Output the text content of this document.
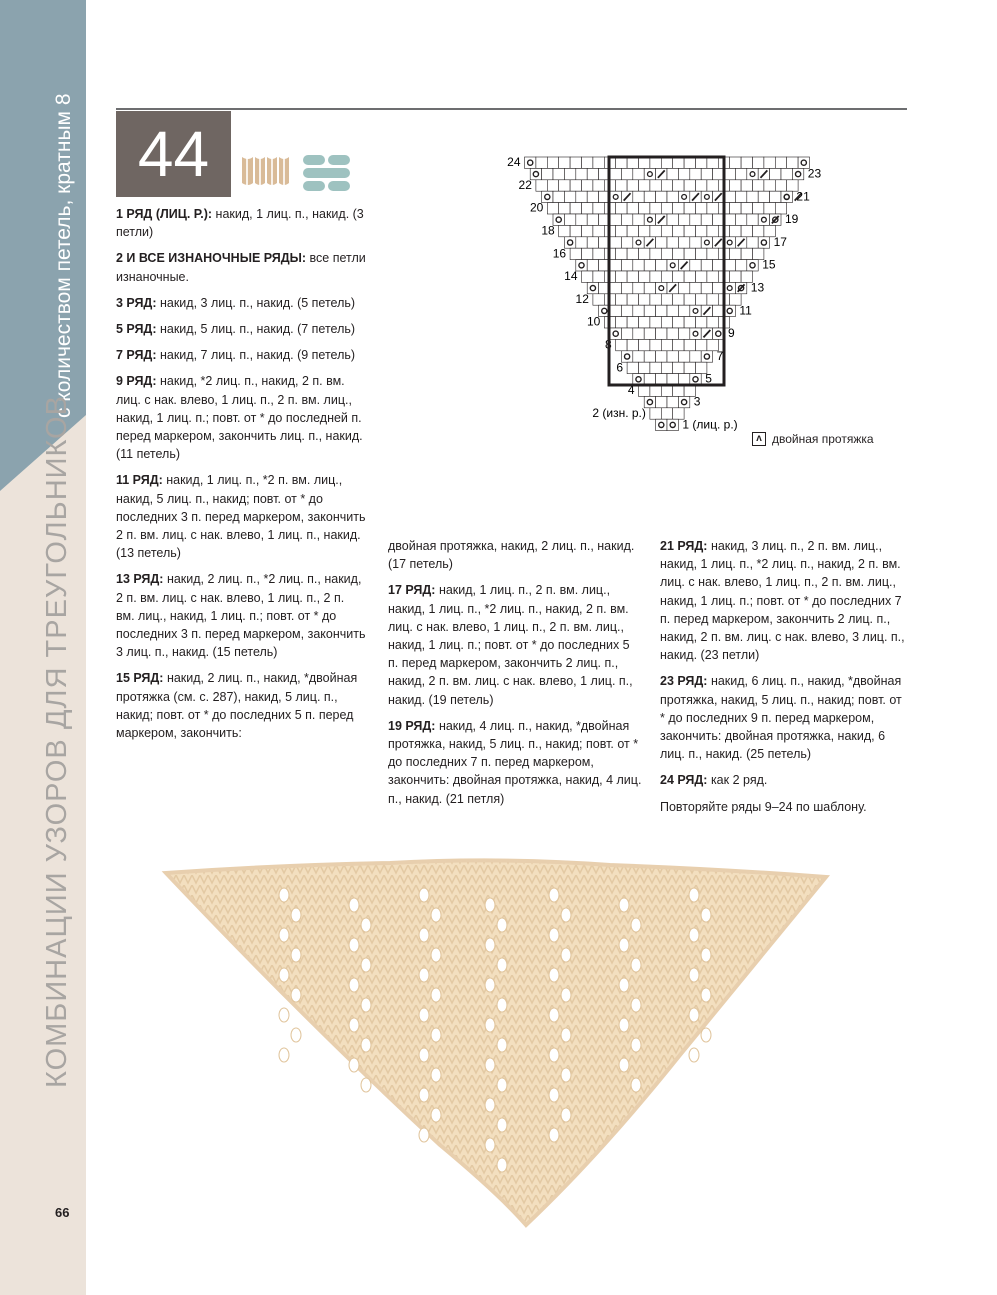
с количеством петель, кратным 8
КОМБИНАЦИИ УЗОРОВ ДЛЯ ТРЕУГОЛЬНИКОВ
44	24
22
20
18
16
14
12
10
8
6
4
2 (изн. р.)
23
21
19
17
15
13
11
9
7
5
3
1 (лиц. р.)
ʌ двойная протяжка

1 РЯД (ЛИЦ. Р.): накид, 1 лиц. п., накид. (3 петли)

2 И ВСЕ ИЗНАНОЧНЫЕ РЯДЫ: все петли изнаночные.

3 РЯД: накид, 3 лиц. п., накид. (5 петель)

5 РЯД: накид, 5 лиц. п., накид. (7 петель)

7 РЯД: накид, 7 лиц. п., накид. (9 петель)

9 РЯД: накид, *2 лиц. п., накид, 2 п. вм. лиц. с нак. влево, 1 лиц. п., 2 п. вм. лиц., накид, 1 лиц. п.; повт. от * до последней п. перед маркером, закончить лиц. п., накид. (11 петель)

11 РЯД: накид, 1 лиц. п., *2 п. вм. лиц., накид, 5 лиц. п., накид; повт. от * до последних 3 п. перед маркером, закончить 2 п. вм. лиц. с нак. влево, 1 лиц. п., накид. (13 петель)

13 РЯД: накид, 2 лиц. п., *2 лиц. п., накид, 2 п. вм. лиц. с нак. влево, 1 лиц. п., 2 п. вм. лиц., накид, 1 лиц. п.; повт. от * до последних 3 п. перед маркером, закончить 3 лиц. п., накид. (15 петель)

15 РЯД: накид, 2 лиц. п., накид, *двойная протяжка (см. с. 287), накид, 5 лиц. п., накид; повт. от * до последних 5 п. перед маркером, закончить:

двойная протяжка, накид, 2 лиц. п., накид. (17 петель)

17 РЯД: накид, 1 лиц. п., 2 п. вм. лиц., накид, 1 лиц. п., *2 лиц. п., накид, 2 п. вм. лиц. с нак. влево, 1 лиц. п., 2 п. вм. лиц., накид, 1 лиц. п.; повт. от * до последних 5 п. перед маркером, закончить 2 лиц. п., накид, 2 п. вм. лиц. с нак. влево, 1 лиц. п., накид. (19 петель)

19 РЯД: накид, 4 лиц. п., накид, *двойная протяжка, накид, 5 лиц. п., накид; повт. от * до последних 7 п. перед маркером, закончить: двойная протяжка, накид, 4 лиц. п., накид. (21 петля)

21 РЯД: накид, 3 лиц. п., 2 п. вм. лиц., накид, 1 лиц. п., *2 лиц. п., накид, 2 п. вм. лиц. с нак. влево, 1 лиц. п., 2 п. вм. лиц., накид, 1 лиц. п.; повт. от * до последних 7 п. перед маркером, закончить 2 лиц. п., накид, 2 п. вм. лиц. с нак. влево, 3 лиц. п., накид. (23 петли)

23 РЯД: накид, 6 лиц. п., накид, *двойная протяжка, накид, 5 лиц. п., накид; повт. от * до последних 9 п. перед маркером, закончить: двойная протяжка, накид, 6 лиц. п., накид. (25 петель)

24 РЯД: как 2 ряд.

Повторяйте ряды 9–24 по шаблону.

66
